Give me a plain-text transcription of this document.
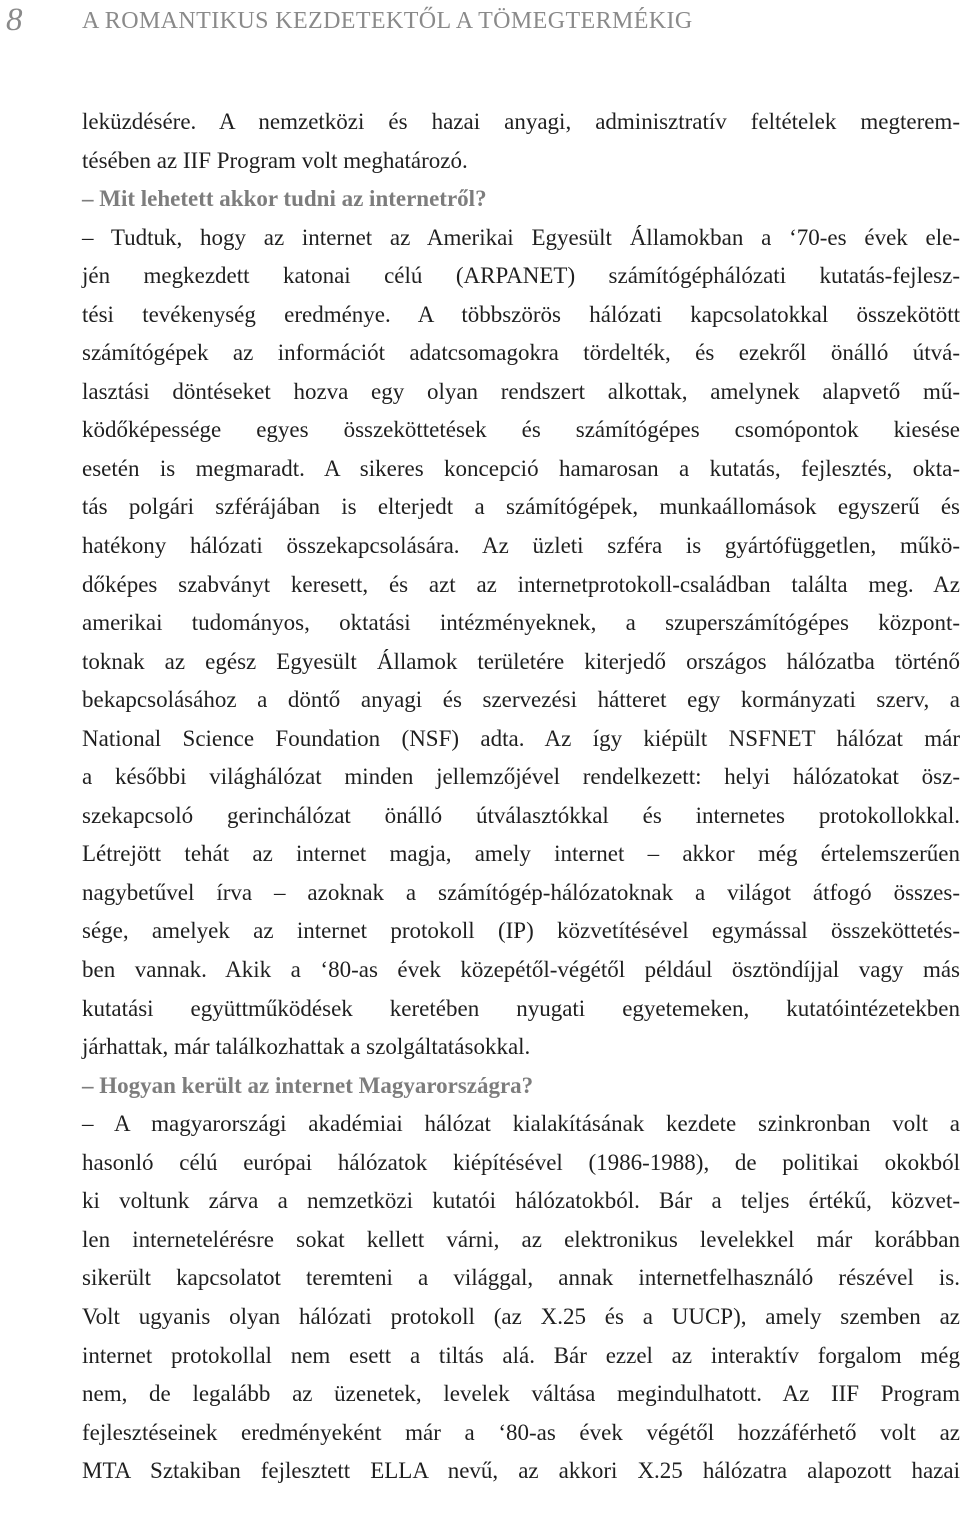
8 A ROMANTIKUS KEZDETEKTŐL A TÖMEGTERMÉKIG
leküzdésére. A nemzetközi és hazai anyagi, adminisztratív feltételek megterem-
tésében az IIF Program volt meghatározó.
– Mit lehetett akkor tudni az internetről?
– Tudtuk, hogy az internet az Amerikai Egyesült Államokban a ‘70-es évek ele-
jén megkezdett katonai célú (ARPANET) számítógéphálózati kutatás-fejlesz-
tési tevékenység eredménye. A többszörös hálózati kapcsolatokkal összekötött
számítógépek az információt adatcsomagokra tördelték, és ezekről önálló útvá-
lasztási döntéseket hozva egy olyan rendszert alkottak, amelynek alapvető mű-
ködőképessége egyes összeköttetések és számítógépes csomópontok kiesése
esetén is megmaradt. A sikeres koncepció hamarosan a kutatás, fejlesztés, okta-
tás polgári szférájában is elterjedt a számítógépek, munkaállomások egyszerű és
hatékony hálózati összekapcsolására. Az üzleti szféra is gyártófüggetlen, műkö-
dőképes szabványt keresett, és azt az internetprotokoll-családban találta meg. Az
amerikai tudományos, oktatási intézményeknek, a szuperszámítógépes központ-
toknak az egész Egyesült Államok területére kiterjedő országos hálózatba történő
bekapcsolásához a döntő anyagi és szervezési hátteret egy kormányzati szerv, a
National Science Foundation (NSF) adta. Az így kiépült NSFNET hálózat már
a későbbi világhálózat minden jellemzőjével rendelkezett: helyi hálózatokat ösz-
szekapcsoló gerinchálózat önálló útválasztókkal és internetes protokollokkal.
Létrejött tehát az internet magja, amely internet – akkor még értelemszerűen
nagybetűvel írva – azoknak a számítógép-hálózatoknak a világot átfogó összes-
sége, amelyek az internet protokoll (IP) közvetítésével egymással összeköttetés-
ben vannak. Akik a ‘80-as évek közepétől-végétől például ösztöndíjjal vagy más
kutatási együttműködések keretében nyugati egyetemeken, kutatóintézetekben
járhattak, már találkozhattak a szolgáltatásokkal.
– Hogyan került az internet Magyarországra?
– A magyarországi akadémiai hálózat kialakításának kezdete szinkronban volt a
hasonló célú európai hálózatok kiépítésével (1986-1988), de politikai okokból
ki voltunk zárva a nemzetközi kutatói hálózatokból. Bár a teljes értékű, közvet-
len internetelérésre sokat kellett várni, az elektronikus levelekkel már korábban
sikerült kapcsolatot teremteni a világgal, annak internetfelhasználó részével is.
Volt ugyanis olyan hálózati protokoll (az X.25 és a UUCP), amely szemben az
internet protokollal nem esett a tiltás alá. Bár ezzel az interaktív forgalom még
nem, de legalább az üzenetek, levelek váltása megindulhatott. Az IIF Program
fejlesztéseinek eredményeként már a ‘80-as évek végétől hozzáférhető volt az
MTA Sztakiban fejlesztett ELLA nevű, az akkori X.25 hálózatra alapozott hazai
